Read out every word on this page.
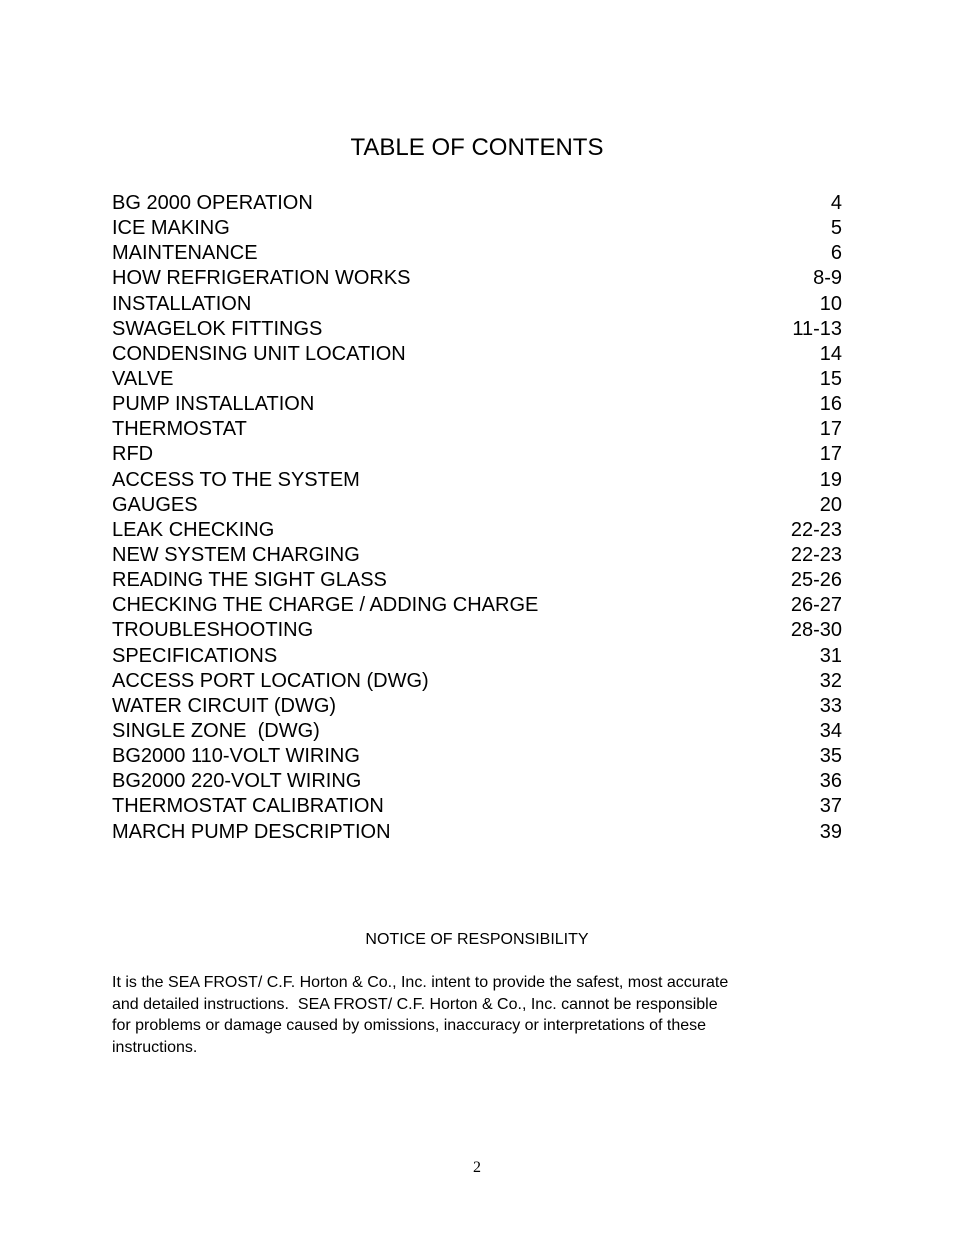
TABLE OF CONTENTS
BG 2000 OPERATION	4
ICE MAKING	5
MAINTENANCE	6
HOW REFRIGERATION WORKS	8-9
INSTALLATION	10
SWAGELOK FITTINGS	11-13
CONDENSING UNIT LOCATION	14
VALVE	15
PUMP INSTALLATION	16
THERMOSTAT	17
RFD	17
ACCESS TO THE SYSTEM	19
GAUGES	20
LEAK CHECKING	22-23
NEW SYSTEM CHARGING	22-23
READING THE SIGHT GLASS	25-26
CHECKING THE CHARGE / ADDING CHARGE	26-27
TROUBLESHOOTING	28-30
SPECIFICATIONS	31
ACCESS PORT LOCATION (DWG)	32
WATER CIRCUIT (DWG)	33
SINGLE ZONE  (DWG)	34
BG2000 110-VOLT WIRING	35
BG2000 220-VOLT WIRING	36
THERMOSTAT CALIBRATION	37
MARCH PUMP DESCRIPTION	39
NOTICE OF RESPONSIBILITY

It is the SEA FROST/ C.F. Horton & Co., Inc. intent to provide the safest, most accurate
and detailed instructions.  SEA FROST/ C.F. Horton & Co., Inc. cannot be responsible
for problems or damage caused by omissions, inaccuracy or interpretations of these
instructions.

2
